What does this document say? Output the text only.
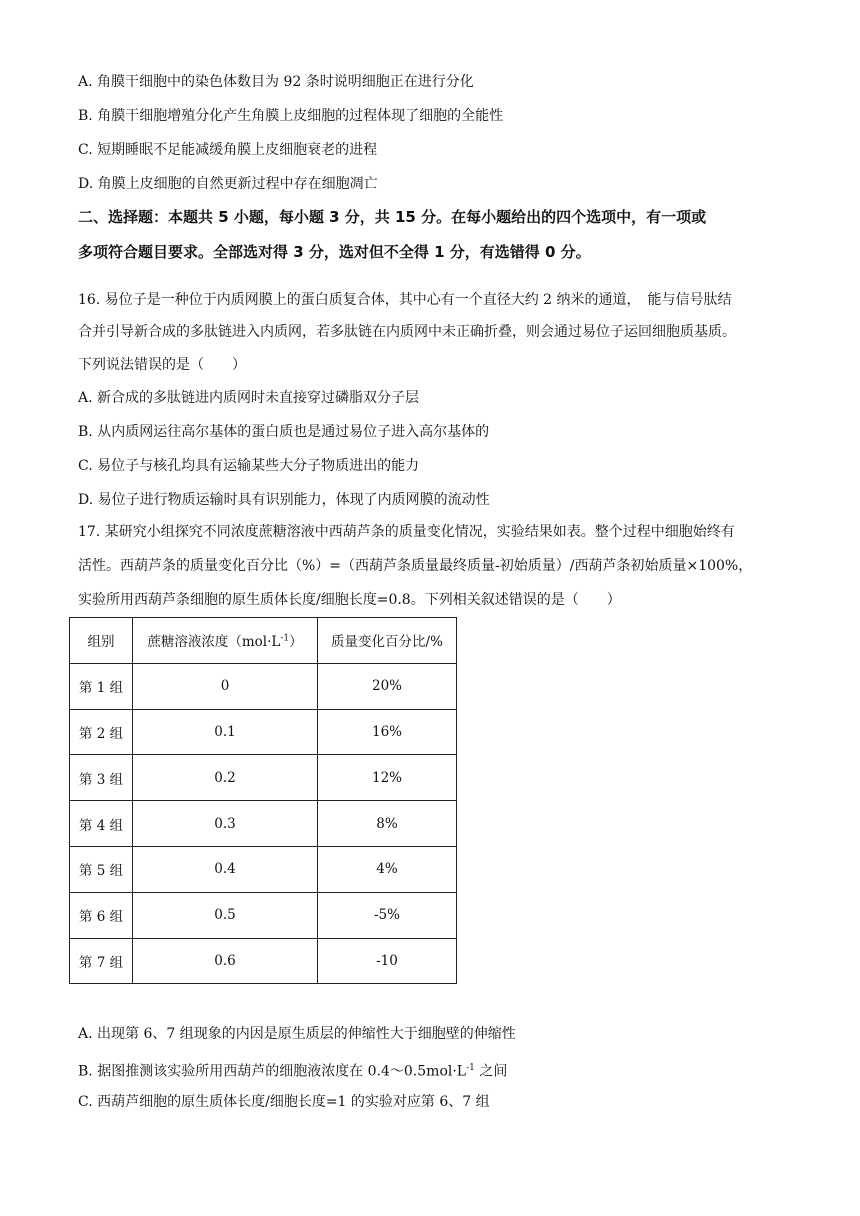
A. 角膜干细胞中的染色体数目为 92 条时说明细胞正在进行分化
B. 角膜干细胞增殖分化产生角膜上皮细胞的过程体现了细胞的全能性
C. 短期睡眠不足能减缓角膜上皮细胞衰老的进程
D. 角膜上皮细胞的自然更新过程中存在细胞凋亡
二、选择题：本题共 5 小题，每小题 3 分，共 15 分。在每小题给出的四个选项中，有一项或
多项符合题目要求。全部选对得 3 分，选对但不全得 1 分，有选错得 0 分。
16. 易位子是一种位于内质网膜上的蛋白质复合体，其中心有一个直径大约 2 纳米的通道，　能与信号肽结
合并引导新合成的多肽链进入内质网，若多肽链在内质网中未正确折叠，则会通过易位子运回细胞质基质。
下列说法错误的是（　　）
A. 新合成的多肽链进内质网时未直接穿过磷脂双分子层
B. 从内质网运往高尔基体的蛋白质也是通过易位子进入高尔基体的
C. 易位子与核孔均具有运输某些大分子物质进出的能力
D. 易位子进行物质运输时具有识别能力，体现了内质网膜的流动性
17. 某研究小组探究不同浓度蔗糖溶液中西葫芦条的质量变化情况，实验结果如表。整个过程中细胞始终有
活性。西葫芦条的质量变化百分比（%）=（西葫芦条质量最终质量-初始质量）/西葫芦条初始质量×100%，
实验所用西葫芦条细胞的原生质体长度/细胞长度=0.8。下列相关叙述错误的是（　　）
组别	蔗糖溶液浓度$(mol\cdot L^{-1})$	质量变化百分比/%
第 1 组	0	20%
第 2 组	0.1	16%
第 3 组	0.2	12%
第 4 组	0.3	8%
第 5 组	0.4	4%
第 6 组	0.5	-5%
第 7 组	0.6	-10
A. 出现第 6、7 组现象的内因是原生质层的伸缩性大于细胞壁的伸缩性
B. 据图推测该实验所用西葫芦的细胞液浓度在 $0.4\sim 0.5mol\cdot L^{-1}$ 之间
C. 西葫芦细胞的原生质体长度/细胞长度=1 的实验对应第 6、7 组
